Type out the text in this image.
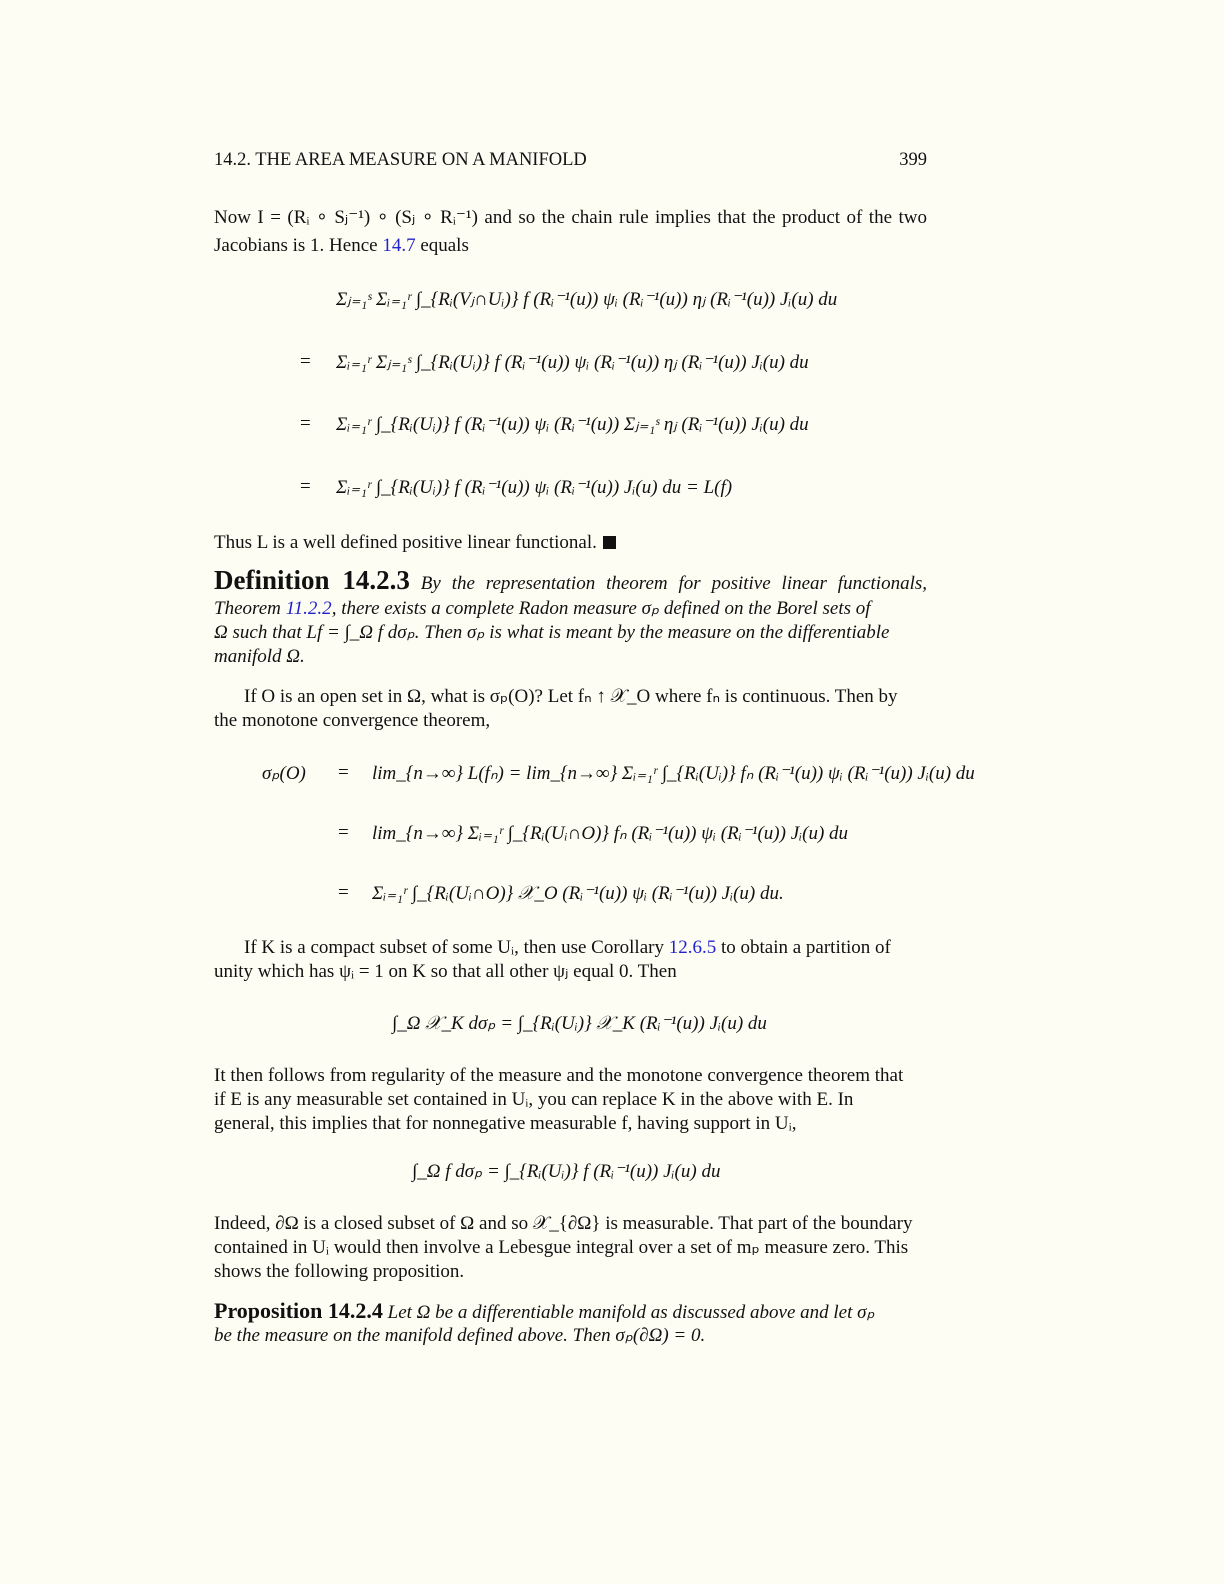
14.2. THE AREA MEASURE ON A MANIFOLD	399
Now I = (Rᵢ ∘ Sⱼ⁻¹) ∘ (Sⱼ ∘ Rᵢ⁻¹) and so the chain rule implies that the product of the two
Jacobians is 1. Hence 14.7 equals
Σⱼ₌₁ˢ Σᵢ₌₁ʳ ∫_{Rᵢ(Vⱼ∩Uᵢ)} f (Rᵢ⁻¹(u)) ψᵢ (Rᵢ⁻¹(u)) ηⱼ (Rᵢ⁻¹(u)) Jᵢ(u) du
= Σᵢ₌₁ʳ Σⱼ₌₁ˢ ∫_{Rᵢ(Uᵢ)} f (Rᵢ⁻¹(u)) ψᵢ (Rᵢ⁻¹(u)) ηⱼ (Rᵢ⁻¹(u)) Jᵢ(u) du
= Σᵢ₌₁ʳ ∫_{Rᵢ(Uᵢ)} f (Rᵢ⁻¹(u)) ψᵢ (Rᵢ⁻¹(u)) Σⱼ₌₁ˢ ηⱼ (Rᵢ⁻¹(u)) Jᵢ(u) du
= Σᵢ₌₁ʳ ∫_{Rᵢ(Uᵢ)} f (Rᵢ⁻¹(u)) ψᵢ (Rᵢ⁻¹(u)) Jᵢ(u) du = L(f)
Thus L is a well defined positive linear functional.
Definition 14.2.3 By the representation theorem for positive linear functionals,
Theorem 11.2.2, there exists a complete Radon measure σₚ defined on the Borel sets of
Ω such that Lf = ∫_Ω f dσₚ. Then σₚ is what is meant by the measure on the differentiable
manifold Ω.
If O is an open set in Ω, what is σₚ(O)? Let fₙ ↑ 𝒳_O where fₙ is continuous. Then by
the monotone convergence theorem,
σₚ(O) = lim_{n→∞} L(fₙ) = lim_{n→∞} Σᵢ₌₁ʳ ∫_{Rᵢ(Uᵢ)} fₙ (Rᵢ⁻¹(u)) ψᵢ (Rᵢ⁻¹(u)) Jᵢ(u) du
= lim_{n→∞} Σᵢ₌₁ʳ ∫_{Rᵢ(Uᵢ∩O)} fₙ (Rᵢ⁻¹(u)) ψᵢ (Rᵢ⁻¹(u)) Jᵢ(u) du
= Σᵢ₌₁ʳ ∫_{Rᵢ(Uᵢ∩O)} 𝒳_O (Rᵢ⁻¹(u)) ψᵢ (Rᵢ⁻¹(u)) Jᵢ(u) du.
If K is a compact subset of some Uᵢ, then use Corollary 12.6.5 to obtain a partition of
unity which has ψᵢ = 1 on K so that all other ψⱼ equal 0. Then
∫_Ω 𝒳_K dσₚ = ∫_{Rᵢ(Uᵢ)} 𝒳_K (Rᵢ⁻¹(u)) Jᵢ(u) du
It then follows from regularity of the measure and the monotone convergence theorem that
if E is any measurable set contained in Uᵢ, you can replace K in the above with E. In
general, this implies that for nonnegative measurable f, having support in Uᵢ,
∫_Ω f dσₚ = ∫_{Rᵢ(Uᵢ)} f (Rᵢ⁻¹(u)) Jᵢ(u) du
Indeed, ∂Ω is a closed subset of Ω and so 𝒳_{∂Ω} is measurable. That part of the boundary
contained in Uᵢ would then involve a Lebesgue integral over a set of mₚ measure zero. This
shows the following proposition.
Proposition 14.2.4 Let Ω be a differentiable manifold as discussed above and let σₚ
be the measure on the manifold defined above. Then σₚ(∂Ω) = 0.
